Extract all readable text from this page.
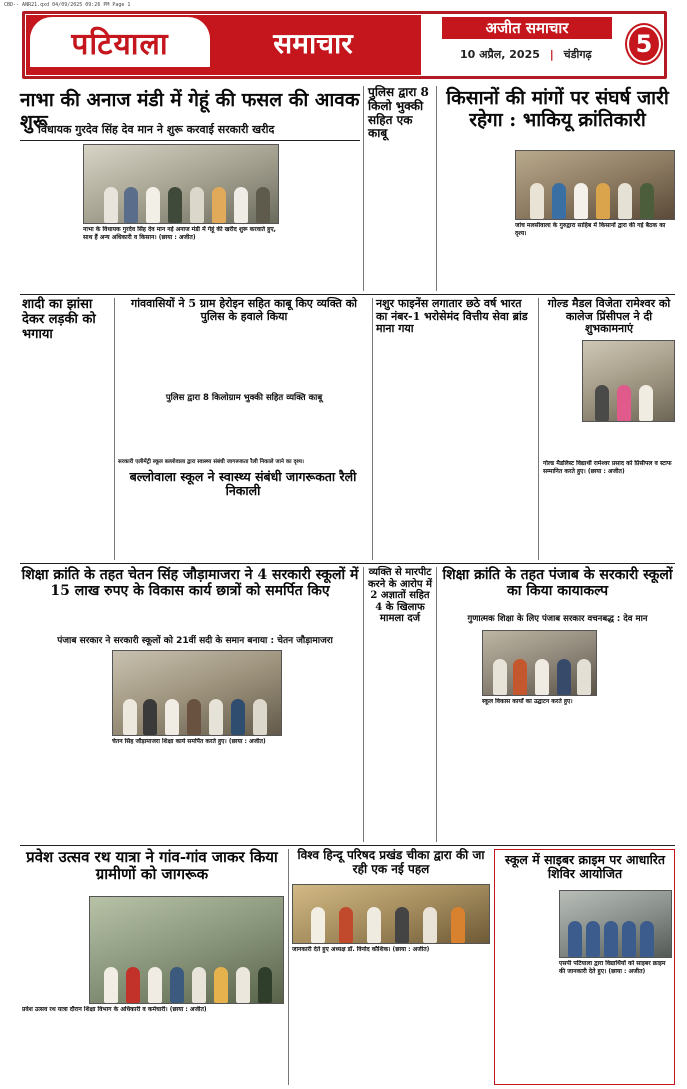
CBD-- ANR21.qxd 04/09/2025 09:26 PM Page 1
पटियाला	समाचार	अजीत समाचार
10 अप्रैल, 2025 | चंडीगढ़	5
नाभा की अनाज मंडी में गेहूं की फसल की आवक शुरू
विधायक गुरदेव सिंह देव मान ने शुरू करवाई सरकारी खरीद
नाभा के विधायक गुरदेव सिंह देव मान नई अनाज मंडी में गेहूं की खरीद शुरू करवाते हुए, साथ हैं अन्य अधिकारी व किसान। (छाया : अजीत)
पुलिस द्वारा 8 किलो भुक्की सहित एक काबू
किसानों की मांगों पर संघर्ष जारी रहेगा : भाकियू क्रांतिकारी
जांच मलसीवाला के गुरुद्वारा साहिब में किसानों द्वारा की गई बैठक का दृश्य।
शादी का झांसा देकर लड़की को भगाया
गांववासियों ने 5 ग्राम हेरोइन सहित काबू किए व्यक्ति को पुलिस के हवाले किया
पुलिस द्वारा 8 किलोग्राम भुक्की सहित व्यक्ति काबू
नशुर फाइनेंस लगातार छठे वर्ष भारत का नंबर-1 भरोसेमंद वित्तीय सेवा ब्रांड माना गया
गोल्ड मैडल विजेता रामेश्वर को कालेज प्रिंसीपल ने दी शुभकामनाएं
गोल्ड मैडलिस्ट विद्यार्थी रामेश्वर प्रसाद को प्रिंसीपल व स्टाफ सम्मानित करते हुए। (छाया : अजीत)
शिक्षा क्रांति के तहत चेतन सिंह जौड़ामाजरा ने 4 सरकारी स्कूलों में 15 लाख रुपए के विकास कार्य छात्रों को समर्पित किए
पंजाब सरकार ने सरकारी स्कूलों को 21वीं सदी के समान बनाया : चेतन जौड़ामाजरा
चेतन सिंह जौड़ामाजरा शिक्षा कार्य समर्पित करते हुए। (छाया : अजीत)
व्यक्ति से मारपीट करने के आरोप में 2 अज्ञातों सहित 4 के खिलाफ मामला दर्ज
शिक्षा क्रांति के तहत पंजाब के सरकारी स्कूलों का किया कायाकल्प
गुणात्मक शिक्षा के लिए पंजाब सरकार वचनबद्ध : देव मान
स्कूल विकास कार्यों का उद्घाटन करते हुए।
प्रवेश उत्सव रथ यात्रा ने गांव-गांव जाकर किया ग्रामीणों को जागरूक
प्रवेश उत्सव रथ यात्रा दौरान शिक्षा विभाग के अधिकारी व कर्मचारी। (छाया : अजीत)
विश्व हिन्दू परिषद प्रखंड चीका द्वारा की जा रही एक नई पहल
जानकारी देते हुए अध्यक्ष डॉ. विनोद कौशिक। (छाया : अजीत)
स्कूल में साइबर क्राइम पर आधारित शिविर आयोजित
एसपी पटियाला द्वारा विद्यार्थियों को साइबर क्राइम की जानकारी देते हुए। (छाया : अजीत)
बल्लोवाला स्कूल ने स्वास्थ्य संबंधी जागरूकता रैली निकाली
सरकारी एलीमेंट्री स्कूल बल्लोवाला द्वारा स्वास्थ्य संबंधी जागरूकता रैली निकाले जाने का दृश्य।
